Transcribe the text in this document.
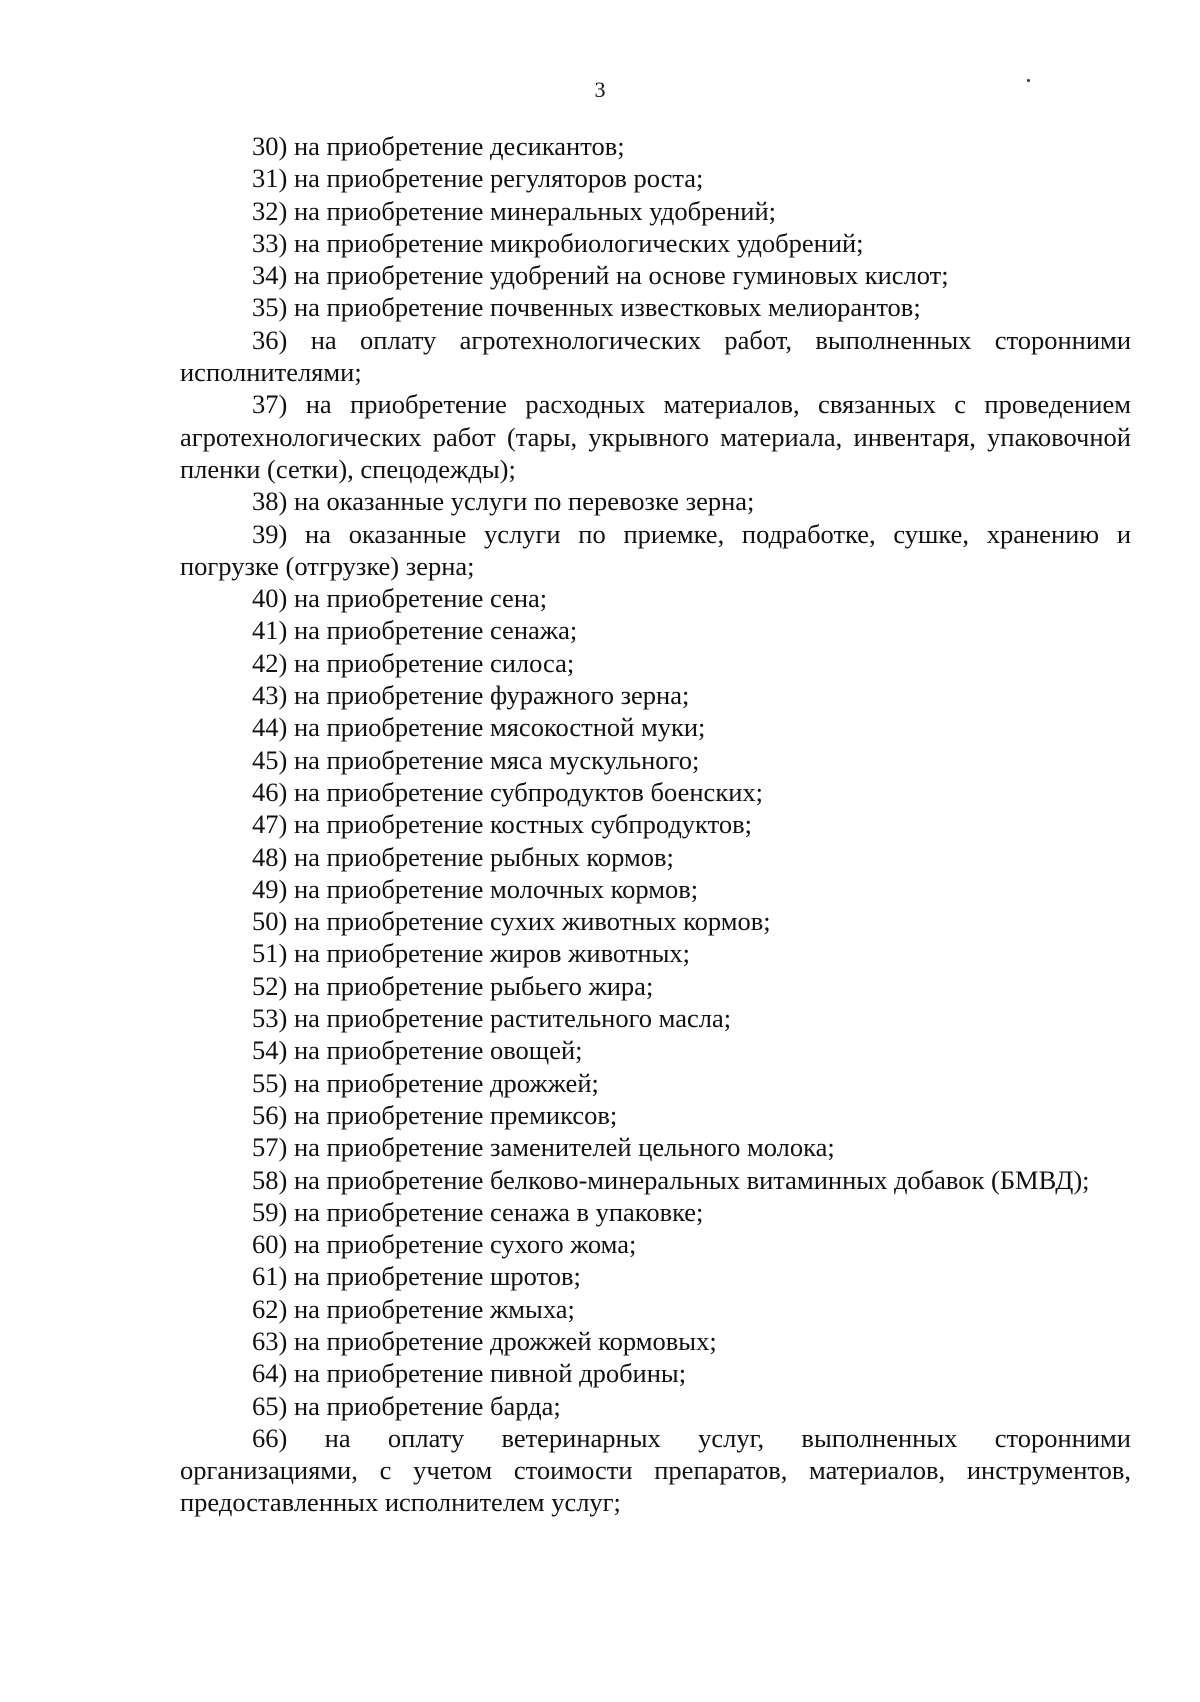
3

30) на приобретение десикантов;

31) на приобретение регуляторов роста;

32) на приобретение минеральных удобрений;

33) на приобретение микробиологических удобрений;

34) на приобретение удобрений на основе гуминовых кислот;

35) на приобретение почвенных известковых мелиорантов;

36) на оплату агротехнологических работ, выполненных сторонними исполнителями;

37) на приобретение расходных материалов, связанных с проведением агротехнологических работ (тары, укрывного материала, инвентаря, упаковочной пленки (сетки), спецодежды);

38) на оказанные услуги по перевозке зерна;

39) на оказанные услуги по приемке, подработке, сушке, хранению и погрузке (отгрузке) зерна;

40) на приобретение сена;

41) на приобретение сенажа;

42) на приобретение силоса;

43) на приобретение фуражного зерна;

44) на приобретение мясокостной муки;

45) на приобретение мяса мускульного;

46) на приобретение субпродуктов боенских;

47) на приобретение костных субпродуктов;

48) на приобретение рыбных кормов;

49) на приобретение молочных кормов;

50) на приобретение сухих животных кормов;

51) на приобретение жиров животных;

52) на приобретение рыбьего жира;

53) на приобретение растительного масла;

54) на приобретение овощей;

55) на приобретение дрожжей;

56) на приобретение премиксов;

57) на приобретение заменителей цельного молока;

58) на приобретение белково-минеральных витаминных добавок (БМВД);

59) на приобретение сенажа в упаковке;

60) на приобретение сухого жома;

61) на приобретение шротов;

62) на приобретение жмыха;

63) на приобретение дрожжей кормовых;

64) на приобретение пивной дробины;

65) на приобретение барда;

66) на оплату ветеринарных услуг, выполненных сторонними организациями, с учетом стоимости препаратов, материалов, инструментов, предоставленных исполнителем услуг;
